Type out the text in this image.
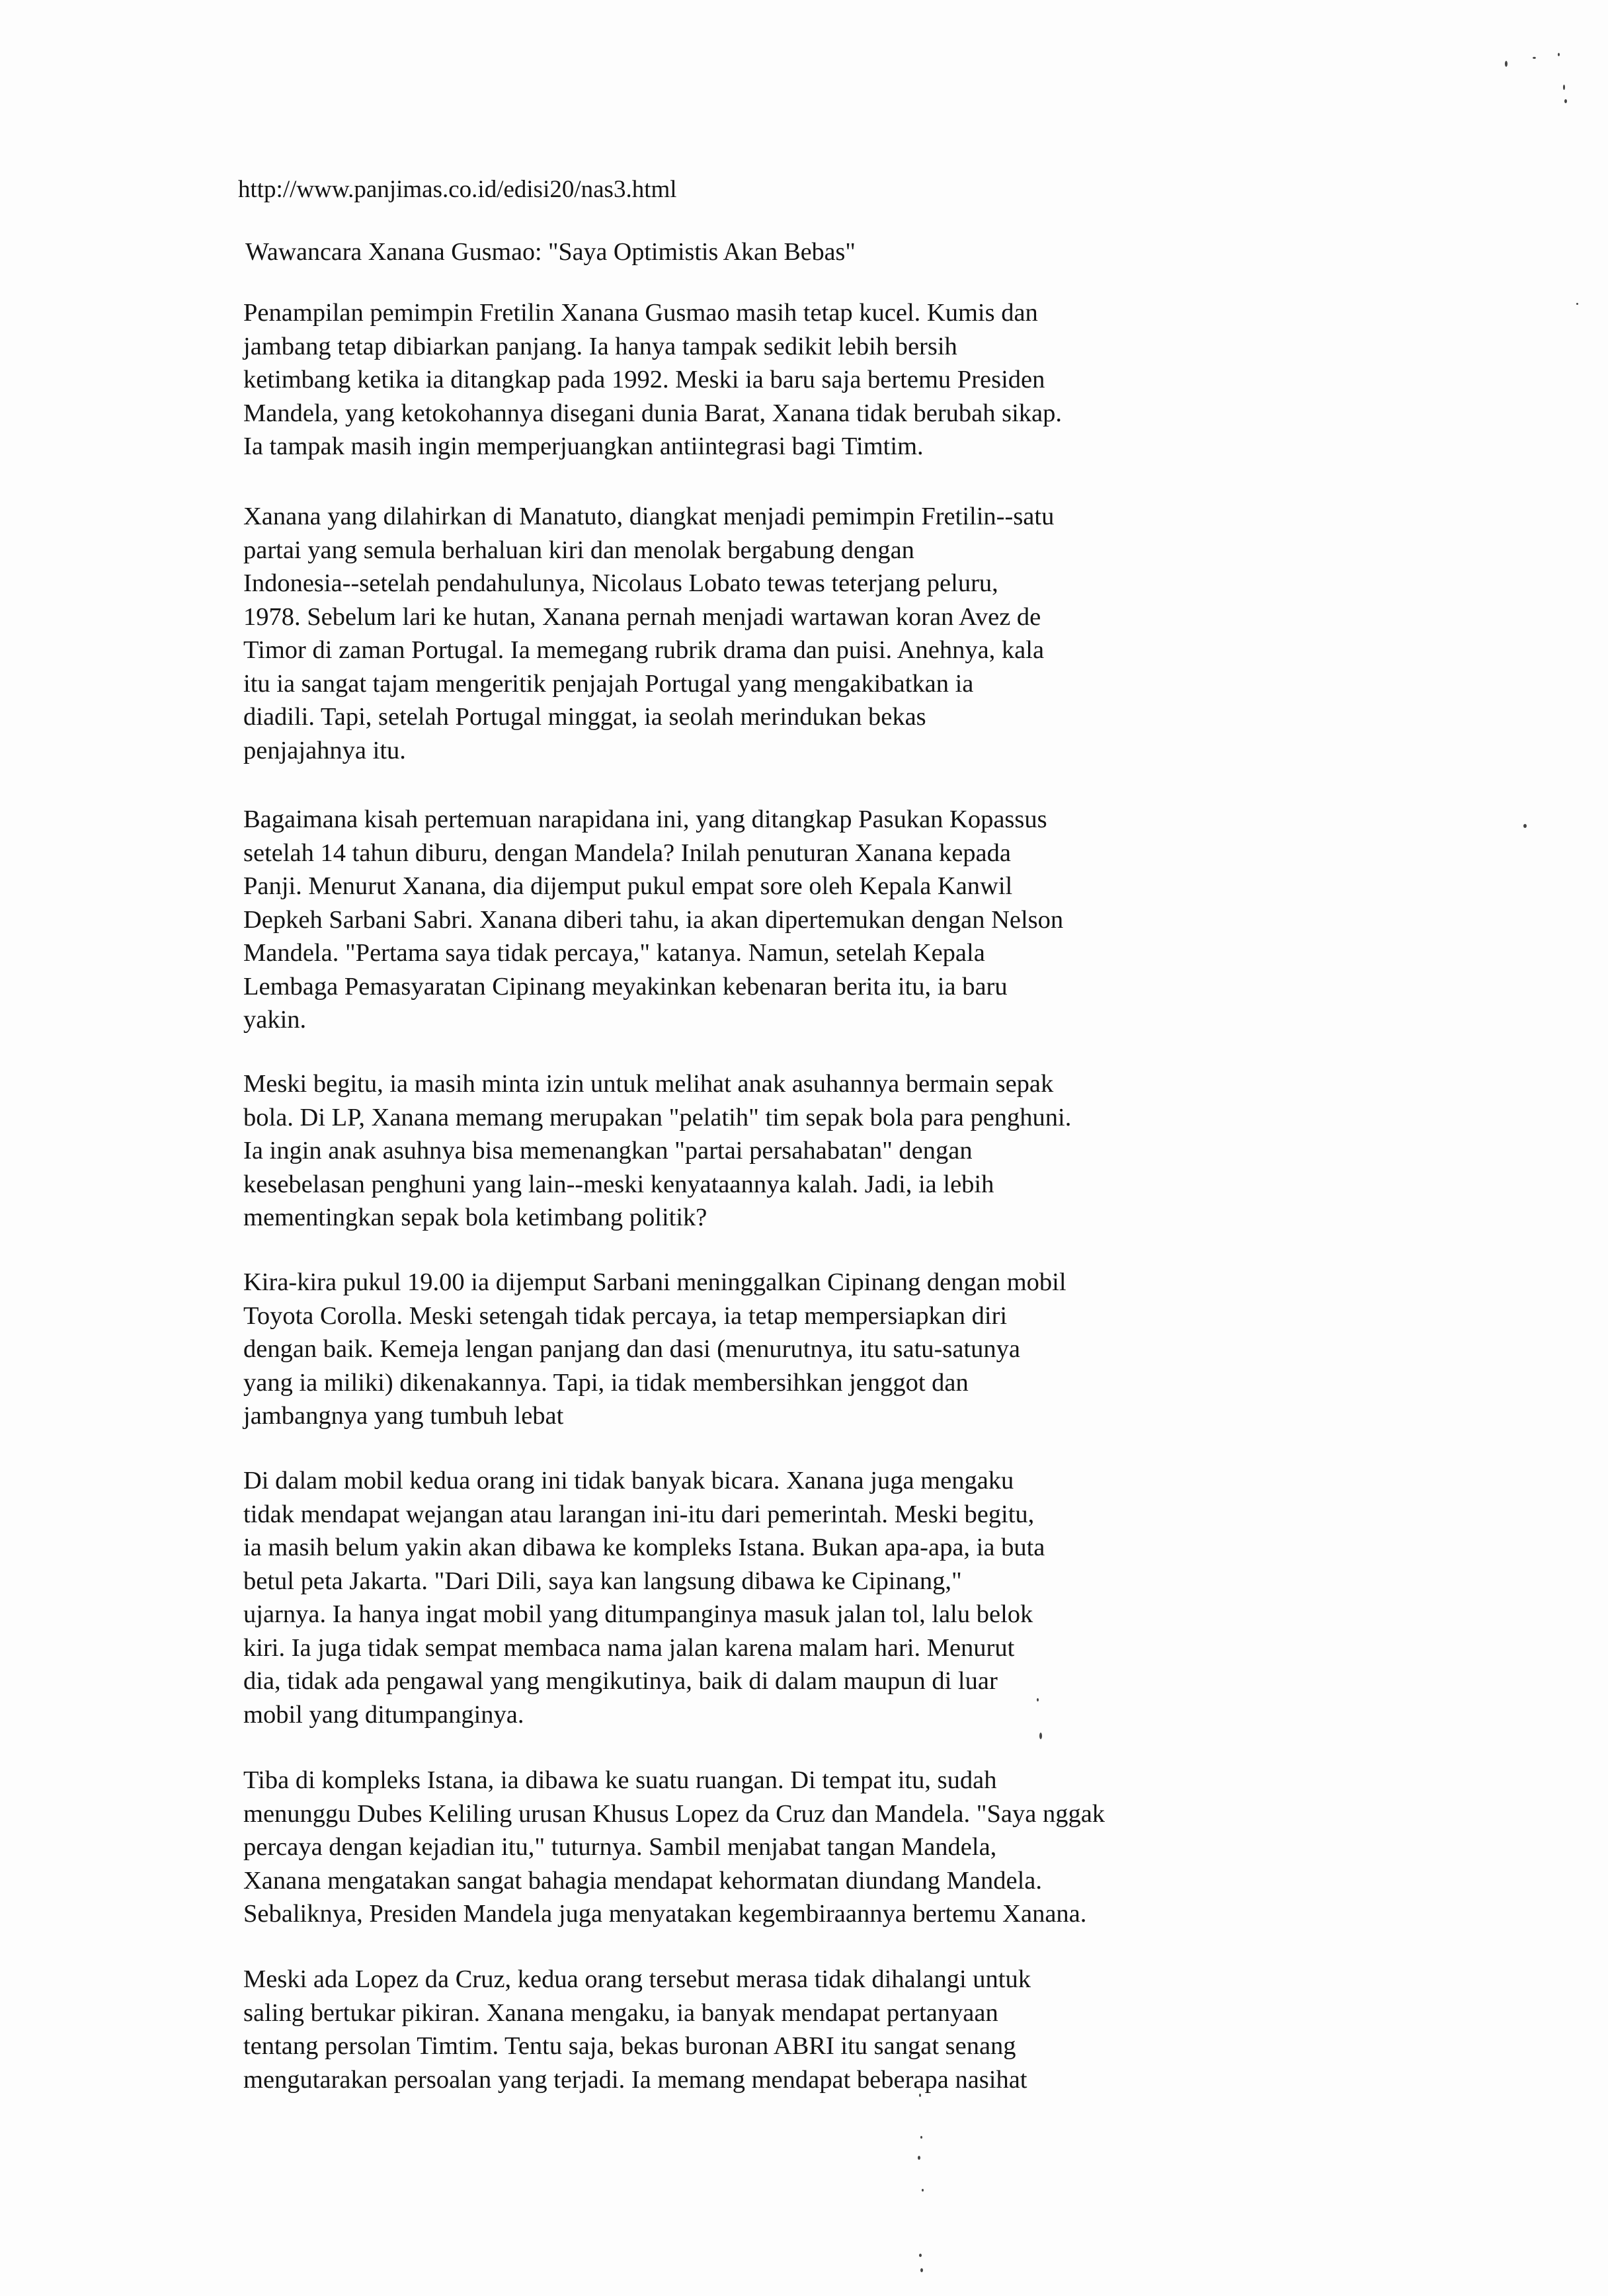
http://www.panjimas.co.id/edisi20/nas3.html
Wawancara Xanana Gusmao: "Saya Optimistis Akan Bebas"
Penampilan pemimpin Fretilin Xanana Gusmao masih tetap kucel. Kumis dan
jambang tetap dibiarkan panjang. Ia hanya tampak sedikit lebih bersih
ketimbang ketika ia ditangkap pada 1992. Meski ia baru saja bertemu Presiden
Mandela, yang ketokohannya disegani dunia Barat, Xanana tidak berubah sikap.
Ia tampak masih ingin memperjuangkan antiintegrasi bagi Timtim.
Xanana yang dilahirkan di Manatuto, diangkat menjadi pemimpin Fretilin--satu
partai yang semula berhaluan kiri dan menolak bergabung dengan
Indonesia--setelah pendahulunya, Nicolaus Lobato tewas teterjang peluru,
1978. Sebelum lari ke hutan, Xanana pernah menjadi wartawan koran Avez de
Timor di zaman Portugal. Ia memegang rubrik drama dan puisi. Anehnya, kala
itu ia sangat tajam mengeritik penjajah Portugal yang mengakibatkan ia
diadili. Tapi, setelah Portugal minggat, ia seolah merindukan bekas
penjajahnya itu.
Bagaimana kisah pertemuan narapidana ini, yang ditangkap Pasukan Kopassus
setelah 14 tahun diburu, dengan Mandela? Inilah penuturan Xanana kepada
Panji. Menurut Xanana, dia dijemput pukul empat sore oleh Kepala Kanwil
Depkeh Sarbani Sabri. Xanana diberi tahu, ia akan dipertemukan dengan Nelson
Mandela. "Pertama saya tidak percaya," katanya. Namun, setelah Kepala
Lembaga Pemasyaratan Cipinang meyakinkan kebenaran berita itu, ia baru
yakin.
Meski begitu, ia masih minta izin untuk melihat anak asuhannya bermain sepak
bola. Di LP, Xanana memang merupakan "pelatih" tim sepak bola para penghuni.
Ia ingin anak asuhnya bisa memenangkan "partai persahabatan" dengan
kesebelasan penghuni yang lain--meski kenyataannya kalah. Jadi, ia lebih
mementingkan sepak bola ketimbang politik?
Kira-kira pukul 19.00 ia dijemput Sarbani meninggalkan Cipinang dengan mobil
Toyota Corolla. Meski setengah tidak percaya, ia tetap mempersiapkan diri
dengan baik. Kemeja lengan panjang dan dasi (menurutnya, itu satu-satunya
yang ia miliki) dikenakannya. Tapi, ia tidak membersihkan jenggot dan
jambangnya yang tumbuh lebat
Di dalam mobil kedua orang ini tidak banyak bicara. Xanana juga mengaku
tidak mendapat wejangan atau larangan ini-itu dari pemerintah. Meski begitu,
ia masih belum yakin akan dibawa ke kompleks Istana. Bukan apa-apa, ia buta
betul peta Jakarta. "Dari Dili, saya kan langsung dibawa ke Cipinang,"
ujarnya. Ia hanya ingat mobil yang ditumpanginya masuk jalan tol, lalu belok
kiri. Ia juga tidak sempat membaca nama jalan karena malam hari. Menurut
dia, tidak ada pengawal yang mengikutinya, baik di dalam maupun di luar
mobil yang ditumpanginya.
Tiba di kompleks Istana, ia dibawa ke suatu ruangan. Di tempat itu, sudah
menunggu Dubes Keliling urusan Khusus Lopez da Cruz dan Mandela. "Saya nggak
percaya dengan kejadian itu," tuturnya. Sambil menjabat tangan Mandela,
Xanana mengatakan sangat bahagia mendapat kehormatan diundang Mandela.
Sebaliknya, Presiden Mandela juga menyatakan kegembiraannya bertemu Xanana.
Meski ada Lopez da Cruz, kedua orang tersebut merasa tidak dihalangi untuk
saling bertukar pikiran. Xanana mengaku, ia banyak mendapat pertanyaan
tentang persolan Timtim. Tentu saja, bekas buronan ABRI itu sangat senang
mengutarakan persoalan yang terjadi. Ia memang mendapat beberapa nasihat
